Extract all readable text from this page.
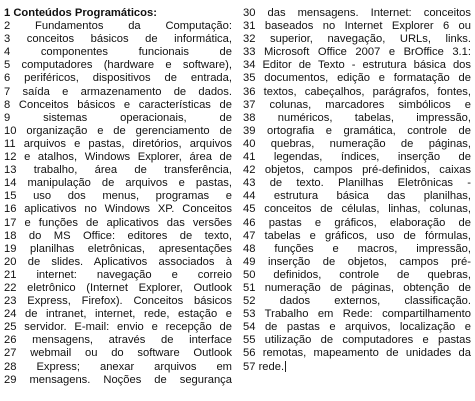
1 Conteúdos Programáticos:
2 Fundamentos da Computação:
3 conceitos básicos de informática,
4 componentes funcionais de
5 computadores (hardware e software),
6 periféricos, dispositivos de entrada,
7 saída e armazenamento de dados.
8 Conceitos básicos e características de
9 sistemas operacionais, de
10 organização e de gerenciamento de
11 arquivos e pastas, diretórios, arquivos
12 e atalhos, Windows Explorer, área de
13 trabalho, área de transferência,
14 manipulação de arquivos e pastas,
15 uso dos menus, programas e
16 aplicativos no Windows XP. Conceitos
17 e funções de aplicativos das versões
18 do MS Office: editores de texto,
19 planilhas eletrônicas, apresentações
20 de slides. Aplicativos associados à
21 internet: navegação e correio
22 eletrônico (Internet Explorer, Outlook
23 Express, Firefox). Conceitos básicos
24 de intranet, internet, rede, estação e
25 servidor. E-mail: envio e recepção de
26 mensagens, através de interface
27 webmail ou do software Outlook
28 Express; anexar arquivos em
29 mensagens. Noções de segurança
30 das mensagens. Internet: conceitos
31 baseados no Internet Explorer 6 ou
32 superior, navegação, URLs, links.
33 Microsoft Office 2007 e BrOffice 3.1:
34 Editor de Texto - estrutura básica dos
35 documentos, edição e formatação de
36 textos, cabeçalhos, parágrafos, fontes,
37 colunas, marcadores simbólicos e
38 numéricos, tabelas, impressão,
39 ortografia e gramática, controle de
40 quebras, numeração de páginas,
41 legendas, índices, inserção de
42 objetos, campos pré-definidos, caixas
43 de texto. Planilhas Eletrônicas -
44 estrutura básica das planilhas,
45 conceitos de células, linhas, colunas,
46 pastas e gráficos, elaboração de
47 tabelas e gráficos, uso de fórmulas,
48 funções e macros, impressão,
49 inserção de objetos, campos pré-
50 definidos, controle de quebras,
51 numeração de páginas, obtenção de
52 dados externos, classificação.
53 Trabalho em Rede: compartilhamento
54 de pastas e arquivos, localização e
55 utilização de computadores e pastas
56 remotas, mapeamento de unidades da
57 rede.
